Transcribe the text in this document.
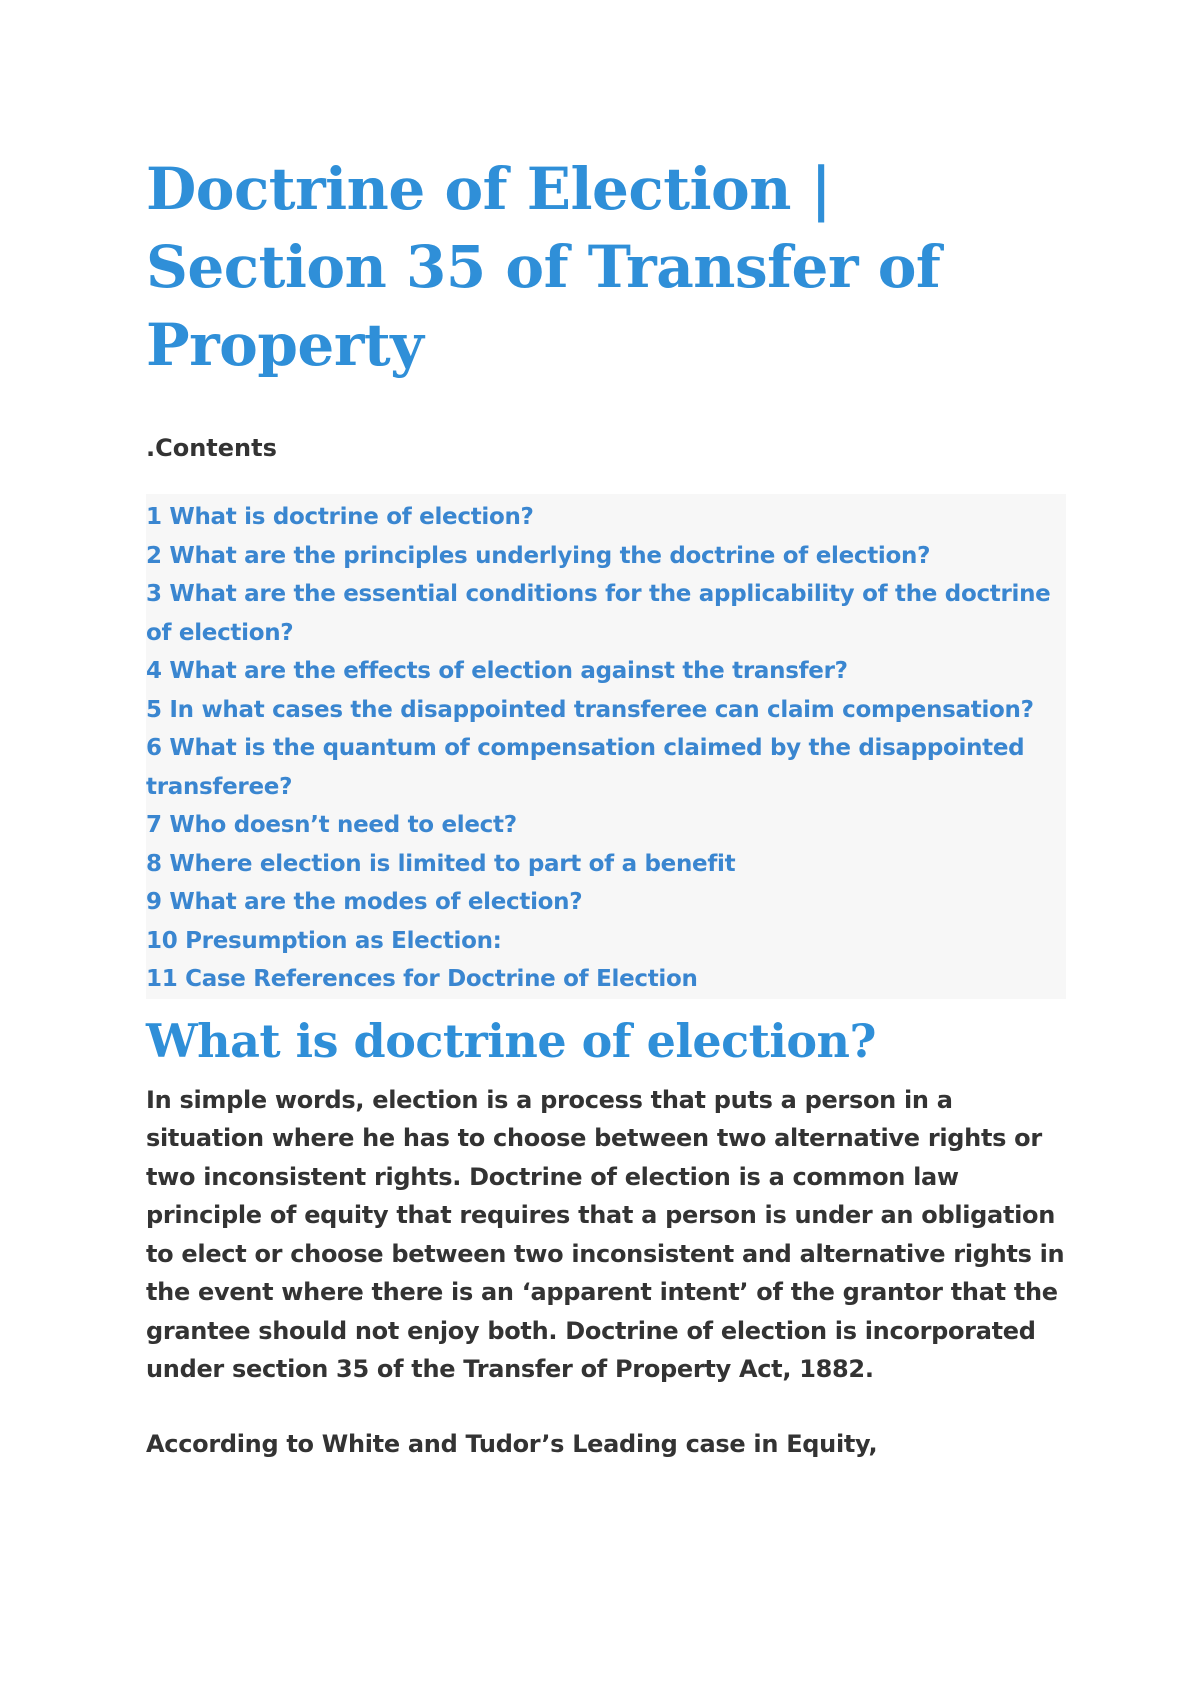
Doctrine of Election | Section 35 of Transfer of Property

.Contents

1 What is doctrine of election?
2 What are the principles underlying the doctrine of election?
3 What are the essential conditions for the applicability of the doctrine of election?
4 What are the effects of election against the transfer?
5 In what cases the disappointed transferee can claim compensation?
6 What is the quantum of compensation claimed by the disappointed transferee?
7 Who doesn’t need to elect?
8 Where election is limited to part of a benefit
9 What are the modes of election?
10 Presumption as Election:
11 Case References for Doctrine of Election
What is doctrine of election?

In simple words, election is a process that puts a person in a situation where he has to choose between two alternative rights or two inconsistent rights. Doctrine of election is a common law principle of equity that requires that a person is under an obligation to elect or choose between two inconsistent and alternative rights in the event where there is an ‘apparent intent’ of the grantor that the grantee should not enjoy both. Doctrine of election is incorporated under section 35 of the Transfer of Property Act, 1882.

According to White and Tudor’s Leading case in Equity,
